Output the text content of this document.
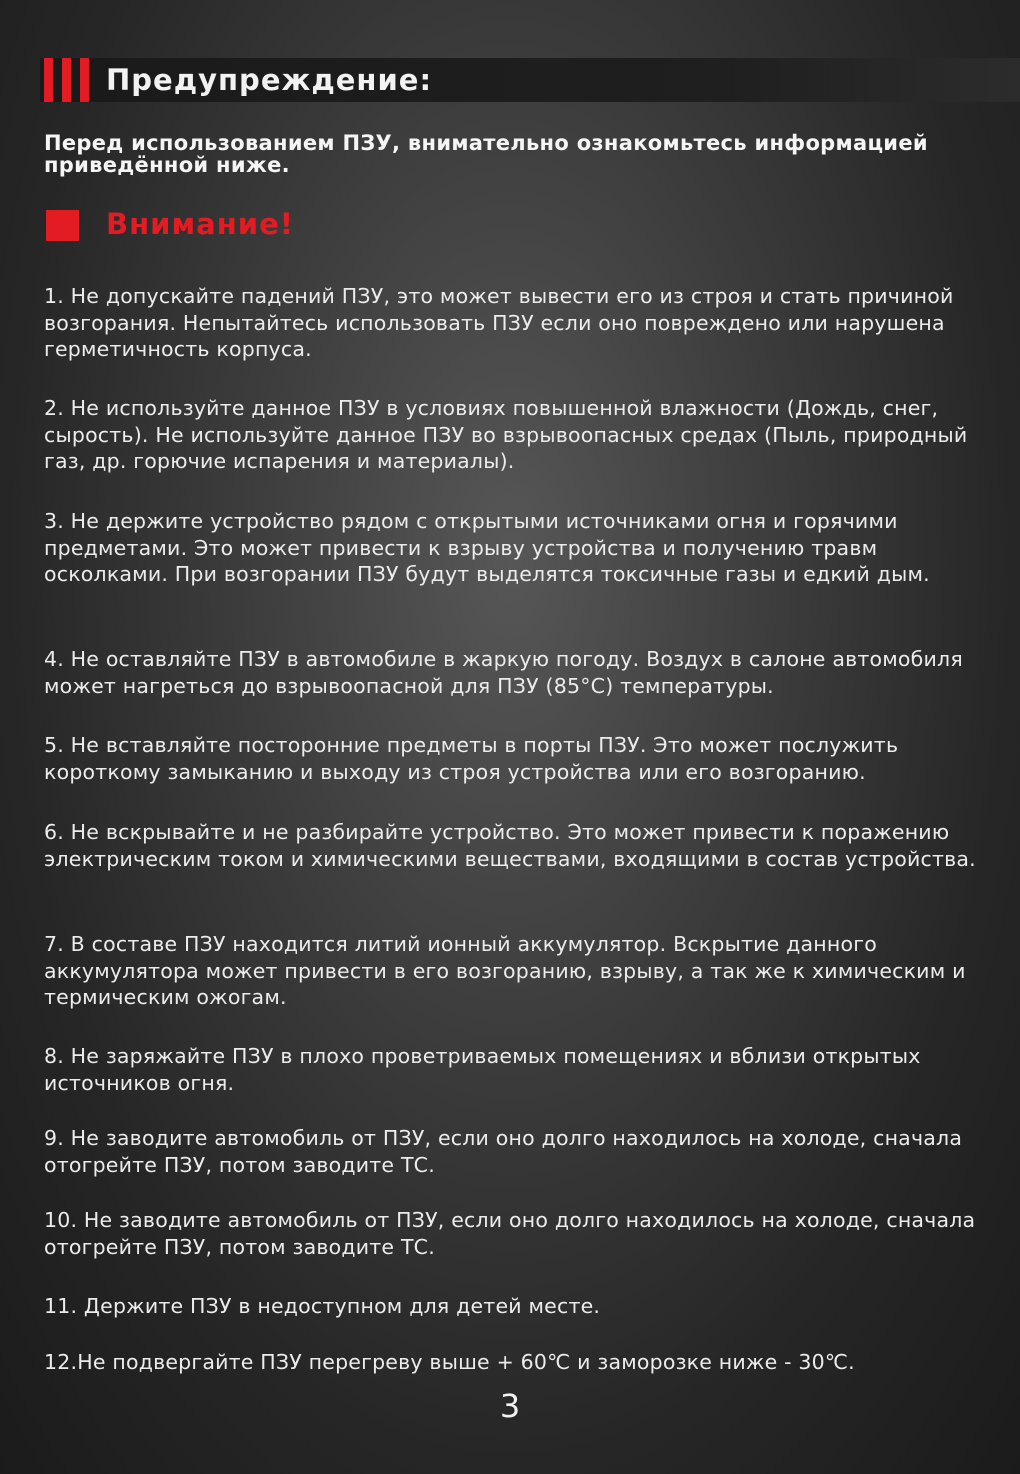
Предупреждение:
Перед использованием ПЗУ, внимательно ознакомьтесь информацией приведённой ниже.
Внимание!
1. Не допускайте падений ПЗУ, это может вывести его из строя и стать причиной возгорания. Непытайтесь использовать ПЗУ если оно повреждено или нарушена герметичность корпуса.
2. Не используйте данное ПЗУ в условиях повышенной влажности (Дождь, снег, сырость). Не используйте данное ПЗУ во взрывоопасных средах (Пыль, природный газ, др. горючие испарения и материалы).
3. Не держите устройство рядом с открытыми источниками огня и горячими предметами. Это может привести к взрыву устройства и получению травм осколками. При возгорании ПЗУ будут выделятся токсичные газы и едкий дым.
4. Не оставляйте ПЗУ в автомобиле в жаркую погоду. Воздух в салоне автомобиля может нагреться до взрывоопасной для ПЗУ (85°С) температуры.
5. Не вставляйте посторонние предметы в порты ПЗУ. Это может послужить короткому замыканию и выходу из строя устройства или его возгоранию.
6. Не вскрывайте и не разбирайте устройство. Это может привести к поражению электрическим током и химическими веществами, входящими в состав устройства.
7. В составе ПЗУ находится литий ионный аккумулятор. Вскрытие данного аккумулятора может привести в его возгоранию, взрыву, а так же к химическим и термическим ожогам.
8. Не заряжайте ПЗУ в плохо проветриваемых помещениях и вблизи открытых источников огня.
9. Не заводите автомобиль от ПЗУ, если оно долго находилось на холоде, сначала отогрейте ПЗУ, потом заводите ТС.
10. Не заводите автомобиль от ПЗУ, если оно долго находилось на холоде, сначала отогрейте ПЗУ, потом заводите ТС.
11. Держите ПЗУ в недоступном для детей месте.
12.Не подвергайте ПЗУ перегреву выше + 60℃ и заморозке ниже - 30℃.
3
